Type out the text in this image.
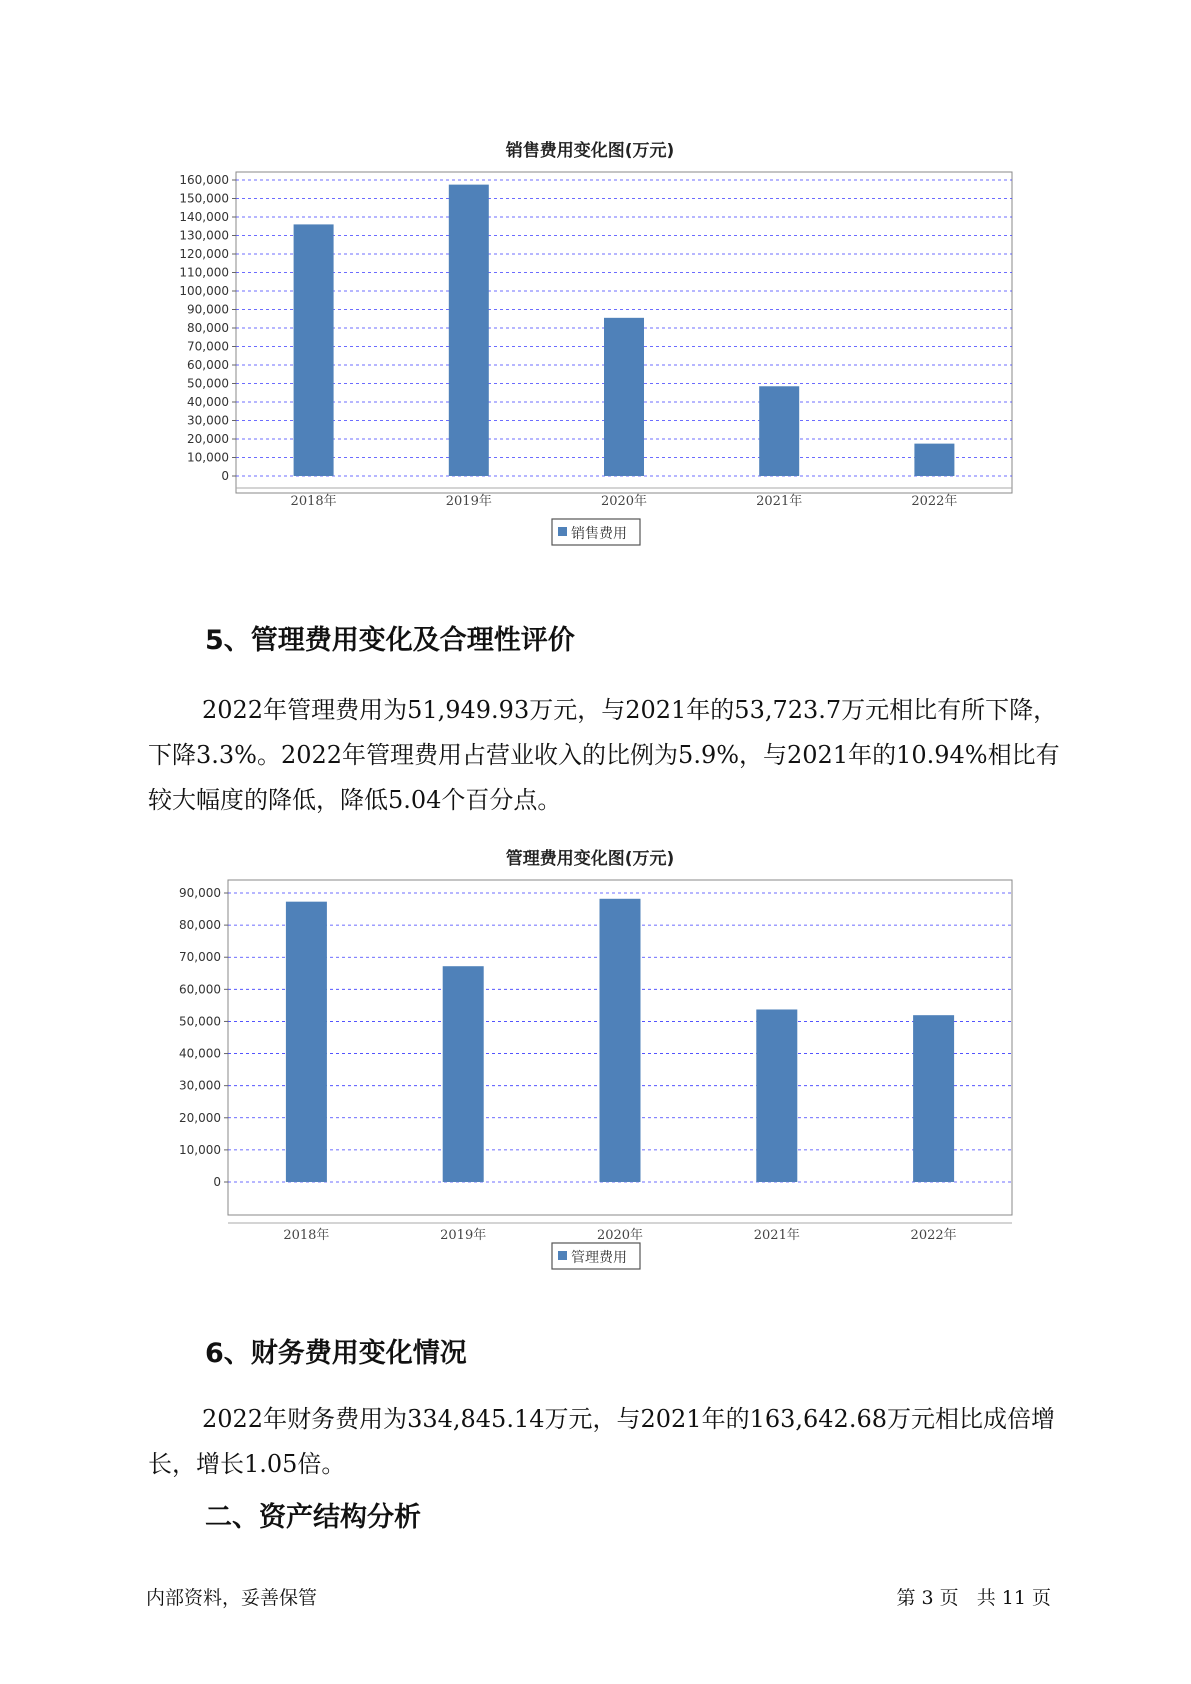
销售费用变化图(万元)
0
10,000
20,000
30,000
40,000
50,000
60,000
70,000
80,000
90,000
100,000
110,000
120,000
130,000
140,000
150,000
160,000
2018年	2019年	2020年	2021年	2022年
销售费用
5、管理费用变化及合理性评价

2022年管理费用为51,949.93万元，与2021年的53,723.7万元相比有所下降，下降3.3%。2022年管理费用占营业收入的比例为5.9%，与2021年的10.94%相比有较大幅度的降低，降低5.04个百分点。

管理费用变化图(万元)
0
10,000
20,000
30,000
40,000
50,000
60,000
70,000
80,000
90,000
2018年	2019年	2020年	2021年	2022年
管理费用
6、财务费用变化情况

2022年财务费用为334,845.14万元，与2021年的163,642.68万元相比成倍增长，增长1.05倍。

二、资产结构分析
内部资料，妥善保管	第 3 页   共 11 页
